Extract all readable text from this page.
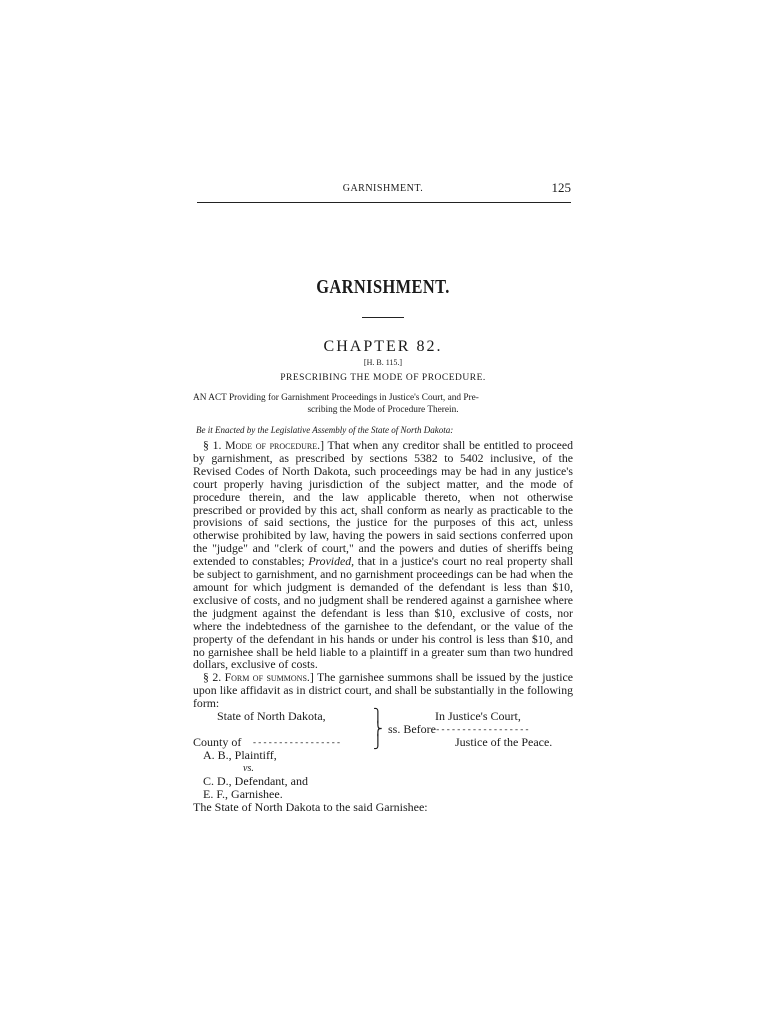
GARNISHMENT.	125
GARNISHMENT.
CHAPTER 82.
[H. B. 115.]
PRESCRIBING THE MODE OF PROCEDURE.
AN ACT Providing for Garnishment Proceedings in Justice's Court, and Pre-
scribing the Mode of Procedure Therein.
Be it Enacted by the Legislative Assembly of the State of North Dakota:

§ 1. Mode of procedure.] That when any creditor shall be entitled to proceed by garnishment, as prescribed by sections 5382 to 5402 inclusive, of the Revised Codes of North Dakota, such proceedings may be had in any justice's court properly having jurisdiction of the subject matter, and the mode of procedure therein, and the law applicable thereto, when not otherwise prescribed or provided by this act, shall conform as nearly as practicable to the provisions of said sections, the justice for the purposes of this act, unless otherwise prohibited by law, having the powers in said sections conferred upon the "judge" and "clerk of court," and the powers and duties of sheriffs being extended to constables; Provided, that in a justice's court no real property shall be subject to garnishment, and no garnishment proceedings can be had when the amount for which judgment is demanded of the defendant is less than $10, exclusive of costs, and no judgment shall be rendered against a garnishee where the judgment against the defendant is less than $10, exclusive of costs, nor where the indebtedness of the garnishee to the defendant, or the value of the property of the defendant in his hands or under his control is less than $10, and no garnishee shall be held liable to a plaintiff in a greater sum than two hundred dollars, exclusive of costs.

§ 2. Form of summons.] The garnishee summons shall be issued by the justice upon like affidavit as in district court, and shall be substantially in the following form:

State of North Dakota,	⎫	In Justice's Court,
⎬ ss. Before
- - - - - - - - - - - - - - - - - - -
County of - - - - - - - - - - - - - - - - -	⎭	Justice of the Peace.
A. B., Plaintiff,
vs.
C. D., Defendant, and
E. F., Garnishee.
The State of North Dakota to the said Garnishee:
